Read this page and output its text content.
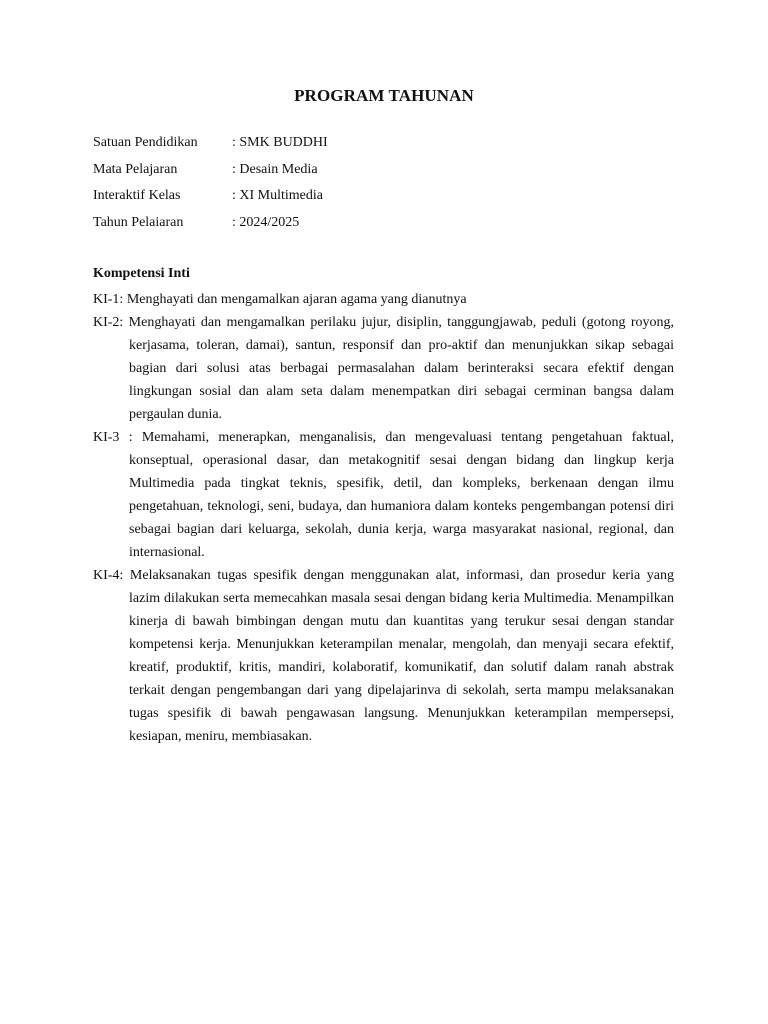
PROGRAM TAHUNAN
Satuan Pendidikan : SMK BUDDHI
Mata Pelajaran	: Desain Media
Interaktif Kelas	: XI Multimedia
Tahun Pelaiaran	: 2024/2025
Kompetensi Inti

KI-1: Menghayati dan mengamalkan ajaran agama yang dianutnya

KI-2: Menghayati dan mengamalkan perilaku jujur, disiplin, tanggungjawab, peduli (gotong royong, kerjasama, toleran, damai), santun, responsif dan pro-aktif dan menunjukkan sikap sebagai bagian dari solusi atas berbagai permasalahan dalam berinteraksi secara efektif dengan lingkungan sosial dan alam seta dalam menempatkan diri sebagai cerminan bangsa dalam pergaulan dunia.

KI-3 : Memahami, menerapkan, menganalisis, dan mengevaluasi tentang pengetahuan faktual, konseptual, operasional dasar, dan metakognitif sesai dengan bidang dan lingkup kerja Multimedia pada tingkat teknis, spesifik, detil, dan kompleks, berkenaan dengan ilmu pengetahuan, teknologi, seni, budaya, dan humaniora dalam konteks pengembangan potensi diri sebagai bagian dari keluarga, sekolah, dunia kerja, warga masyarakat nasional, regional, dan internasional.

KI-4: Melaksanakan tugas spesifik dengan menggunakan alat, informasi, dan prosedur keria yang lazim dilakukan serta memecahkan masala sesai dengan bidang keria Multimedia. Menampilkan kinerja di bawah bimbingan dengan mutu dan kuantitas yang terukur sesai dengan standar kompetensi kerja. Menunjukkan keterampilan menalar, mengolah, dan menyaji secara efektif, kreatif, produktif, kritis, mandiri, kolaboratif, komunikatif, dan solutif dalam ranah abstrak terkait dengan pengembangan dari yang dipelajarinva di sekolah, serta mampu melaksanakan tugas spesifik di bawah pengawasan langsung. Menunjukkan keterampilan mempersepsi, kesiapan, meniru, membiasakan.
